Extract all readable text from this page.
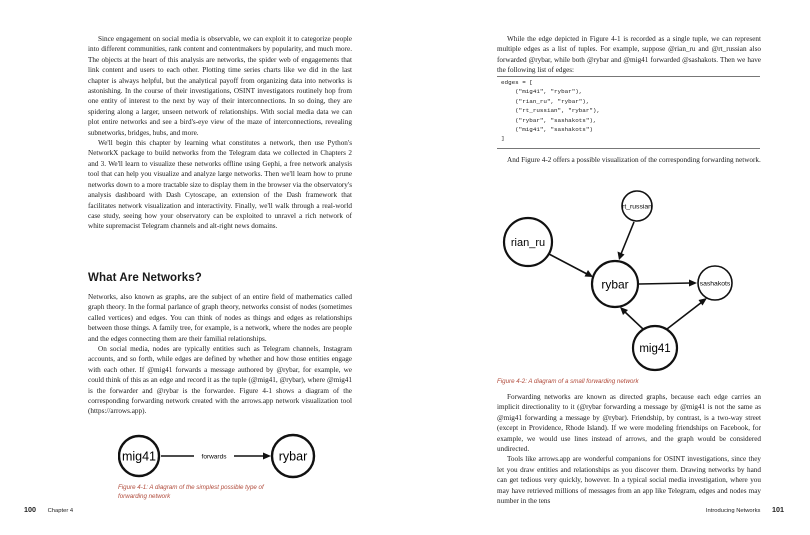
Since engagement on social media is observable, we can exploit it to categorize people into different communities, rank content and contentmakers by popularity, and much more. The objects at the heart of this analysis are networks, the spider web of engagements that link content and users to each other. Plotting time series charts like we did in the last chapter is always helpful, but the analytical payoff from organizing data into networks is astonishing. In the course of their investigations, OSINT investigators routinely hop from one entity of interest to the next by way of their interconnections. In so doing, they are spidering along a larger, unseen network of relationships. With social media data we can plot entire networks and see a bird's-eye view of the maze of interconnections, revealing subnetworks, bridges, hubs, and more.

We'll begin this chapter by learning what constitutes a network, then use Python's NetworkX package to build networks from the Telegram data we collected in Chapters 2 and 3. We'll learn to visualize these networks offline using Gephi, a free network analysis tool that can help you visualize and analyze large networks. Then we'll learn how to prune networks down to a more tractable size to display them in the browser via the observatory's analysis dashboard with Dash Cytoscape, an extension of the Dash framework that facilitates network visualization and interactivity. Finally, we'll walk through a real-world case study, seeing how your observatory can be exploited to unravel a rich network of white supremacist Telegram channels and alt-right news domains.

What Are Networks?

Networks, also known as graphs, are the subject of an entire field of mathematics called graph theory. In the formal parlance of graph theory, networks consist of nodes (sometimes called vertices) and edges. You can think of nodes as things and edges as relationships between those things. A family tree, for example, is a network, where the nodes are people and the edges connecting them are their familial relationships.

On social media, nodes are typically entities such as Telegram channels, Instagram accounts, and so forth, while edges are defined by whether and how those entities engage with each other. If @mig41 forwards a message authored by @rybar, for example, we could think of this as an edge and record it as the tuple (@mig41, @rybar), where @mig41 is the forwarder and @rybar is the forwardee. Figure 4-1 shows a diagram of the corresponding forwarding network created with the arrows.app network visualization tool (https://arrows.app).

mig41	rybar
forwards
Figure 4-1: A diagram of the simplest possible type of
forwarding network
100 Chapter 4

While the edge depicted in Figure 4-1 is recorded as a single tuple, we can represent multiple edges as a list of tuples. For example, suppose @rian_ru and @rt_russian also forwarded @rybar, while both @rybar and @mig41 forwarded @sashakots. Then we have the following list of edges:

edges = [
("mig41", "rybar"),
("rian_ru", "rybar"),
("rt_russian", "rybar"),
("rybar", "sashakots"),
("mig41", "sashakots")
]

And Figure 4-2 offers a possible visualization of the corresponding forwarding network.

rt_russian
rian_ru
rybar	sashakots
mig41
Figure 4-2: A diagram of a small forwarding network

Forwarding networks are known as directed graphs, because each edge carries an implicit directionality to it (@rybar forwarding a message by @mig41 is not the same as @mig41 forwarding a message by @rybar). Friendship, by contrast, is a two-way street (except in Providence, Rhode Island). If we were modeling friendships on Facebook, for example, we would use lines instead of arrows, and the graph would be considered undirected.

Tools like arrows.app are wonderful companions for OSINT investigations, since they let you draw entities and relationships as you discover them. Drawing networks by hand can get tedious very quickly, however. In a typical social media investigation, where you may have retrieved millions of messages from an app like Telegram, edges and nodes may number in the tens

Introducing Networks 101
